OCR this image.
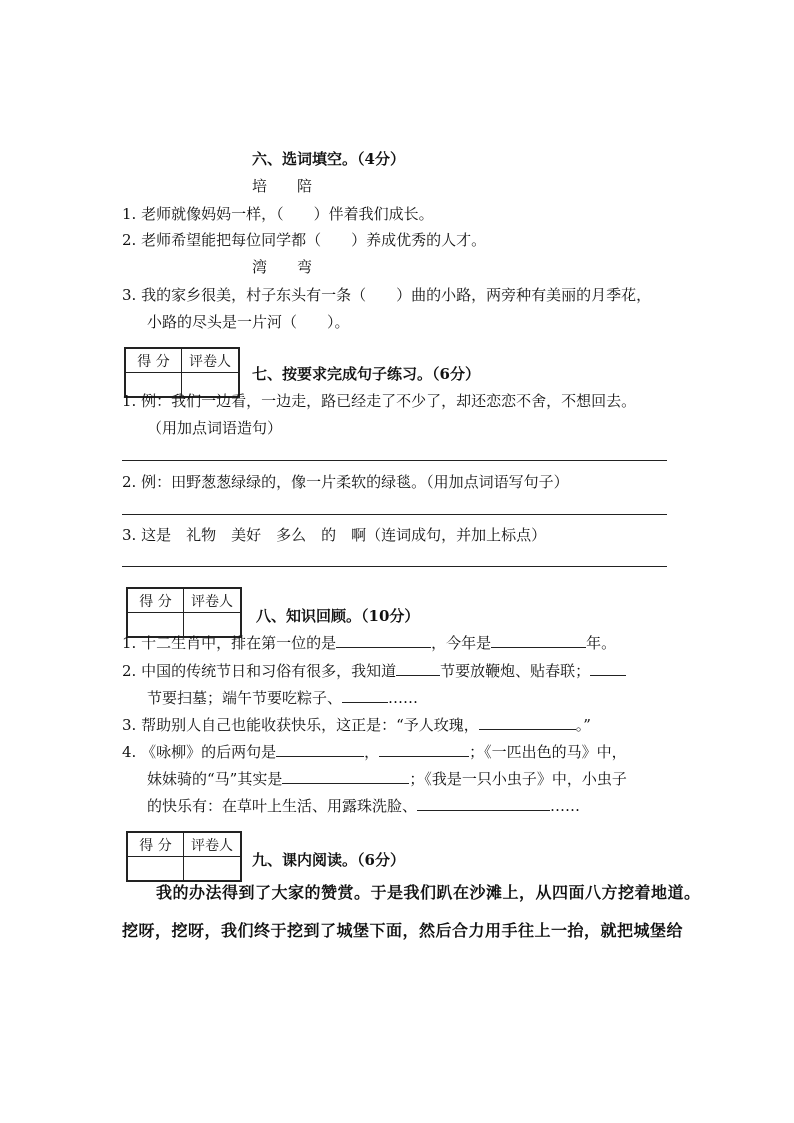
六、选词填空。（4分）
培　　陪
1. 老师就像妈妈一样，（　　）伴着我们成长。
2. 老师希望能把每位同学都（　　）养成优秀的人才。
湾　　弯
3. 我的家乡很美，村子东头有一条（　　）曲的小路，两旁种有美丽的月季花，
小路的尽头是一片河（　　）。
得 分	评卷人

七、按要求完成句子练习。（6分）
1. 例：我们一边看，一边走，路已经走了不少了，却还恋恋不舍，不想回去。
（用加点词语造句）
2. 例：田野葱葱绿绿的，像一片柔软的绿毯。（用加点词语写句子）
3. 这是　礼物　美好　多么　的　啊（连词成句，并加上标点）
得 分	评卷人

八、知识回顾。（10分）
1. 十二生肖中，排在第一位的是	，今年是	年。
2. 中国的传统节日和习俗有很多，我知道	节要放鞭炮、贴春联；
节要扫墓；端午节要吃粽子、	……
3. 帮助别人自己也能收获快乐，这正是：“予人玫瑰，	。”
4. 《咏柳》的后两句是	，	；《一匹出色的马》中，
妹妹骑的“马”其实是	；《我是一只小虫子》中，小虫子
的快乐有：在草叶上生活、用露珠洗脸、	……
得 分	评卷人

九、课内阅读。（6分）
我的办法得到了大家的赞赏。于是我们趴在沙滩上，从四面八方挖着地道。
挖呀，挖呀，我们终于挖到了城堡下面，然后合力用手往上一抬，就把城堡给
